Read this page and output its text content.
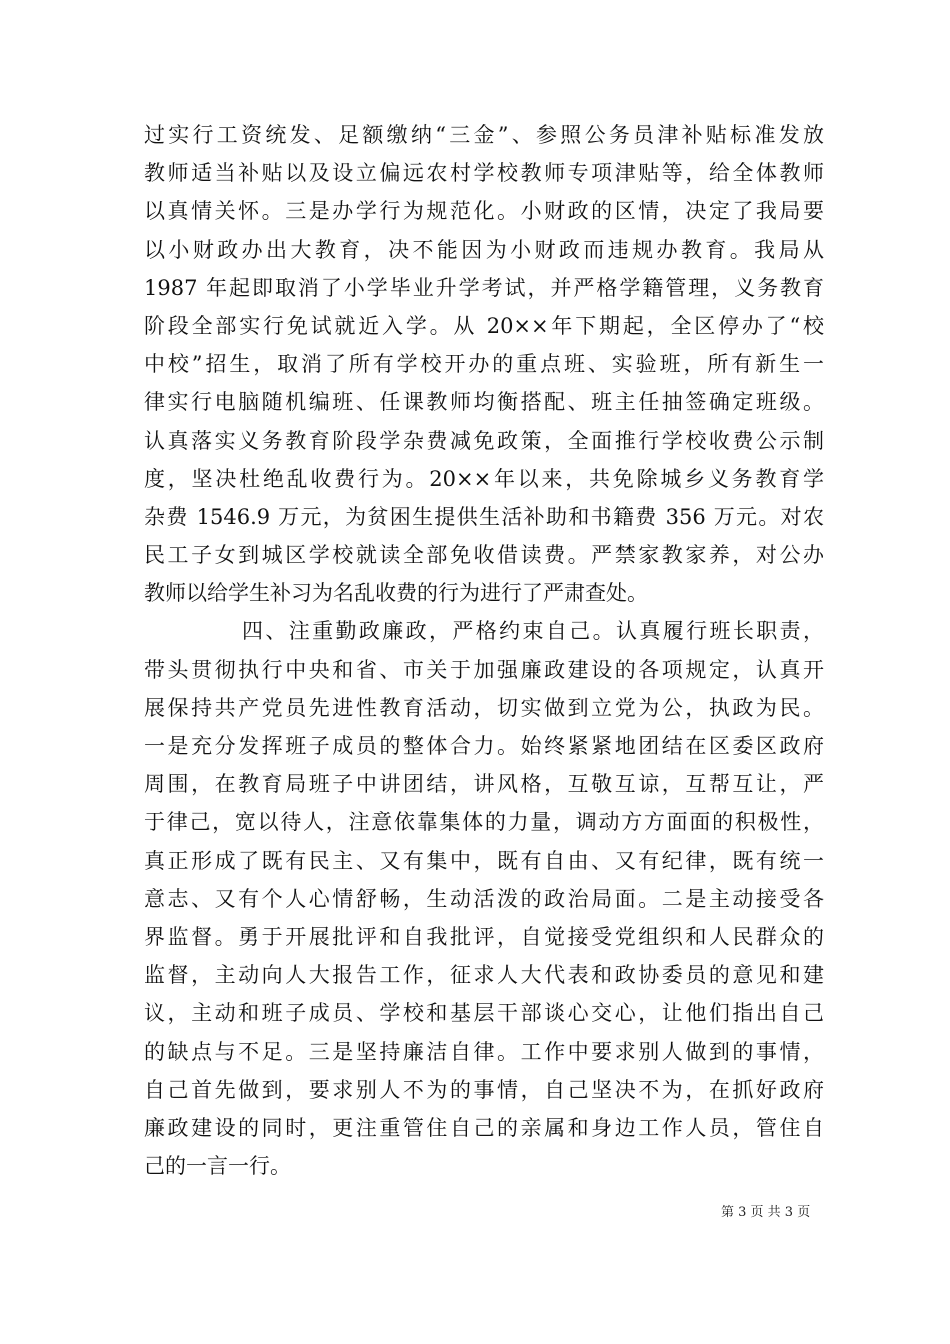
过实行工资统发、足额缴纳“三金”、参照公务员津补贴标准发放
教师适当补贴以及设立偏远农村学校教师专项津贴等，给全体教师
以真情关怀。三是办学行为规范化。小财政的区情，决定了我局要
以小财政办出大教育，决不能因为小财政而违规办教育。我局从
1987 年起即取消了小学毕业升学考试，并严格学籍管理，义务教育
阶段全部实行免试就近入学。从 20××年下期起，全区停办了“校
中校”招生，取消了所有学校开办的重点班、实验班，所有新生一
律实行电脑随机编班、任课教师均衡搭配、班主任抽签确定班级。
认真落实义务教育阶段学杂费减免政策，全面推行学校收费公示制
度，坚决杜绝乱收费行为。20××年以来，共免除城乡义务教育学
杂费 1546.9 万元，为贫困生提供生活补助和书籍费 356 万元。对农
民工子女到城区学校就读全部免收借读费。严禁家教家养，对公办
教师以给学生补习为名乱收费的行为进行了严肃查处。
四、注重勤政廉政，严格约束自己。认真履行班长职责，
带头贯彻执行中央和省、市关于加强廉政建设的各项规定，认真开
展保持共产党员先进性教育活动，切实做到立党为公，执政为民。
一是充分发挥班子成员的整体合力。始终紧紧地团结在区委区政府
周围，在教育局班子中讲团结，讲风格，互敬互谅，互帮互让，严
于律己，宽以待人，注意依靠集体的力量，调动方方面面的积极性，
真正形成了既有民主、又有集中，既有自由、又有纪律，既有统一
意志、又有个人心情舒畅，生动活泼的政治局面。二是主动接受各
界监督。勇于开展批评和自我批评，自觉接受党组织和人民群众的
监督，主动向人大报告工作，征求人大代表和政协委员的意见和建
议，主动和班子成员、学校和基层干部谈心交心，让他们指出自己
的缺点与不足。三是坚持廉洁自律。工作中要求别人做到的事情，
自己首先做到，要求别人不为的事情，自己坚决不为，在抓好政府
廉政建设的同时，更注重管住自己的亲属和身边工作人员，管住自
己的一言一行。
第 3 页 共 3 页
